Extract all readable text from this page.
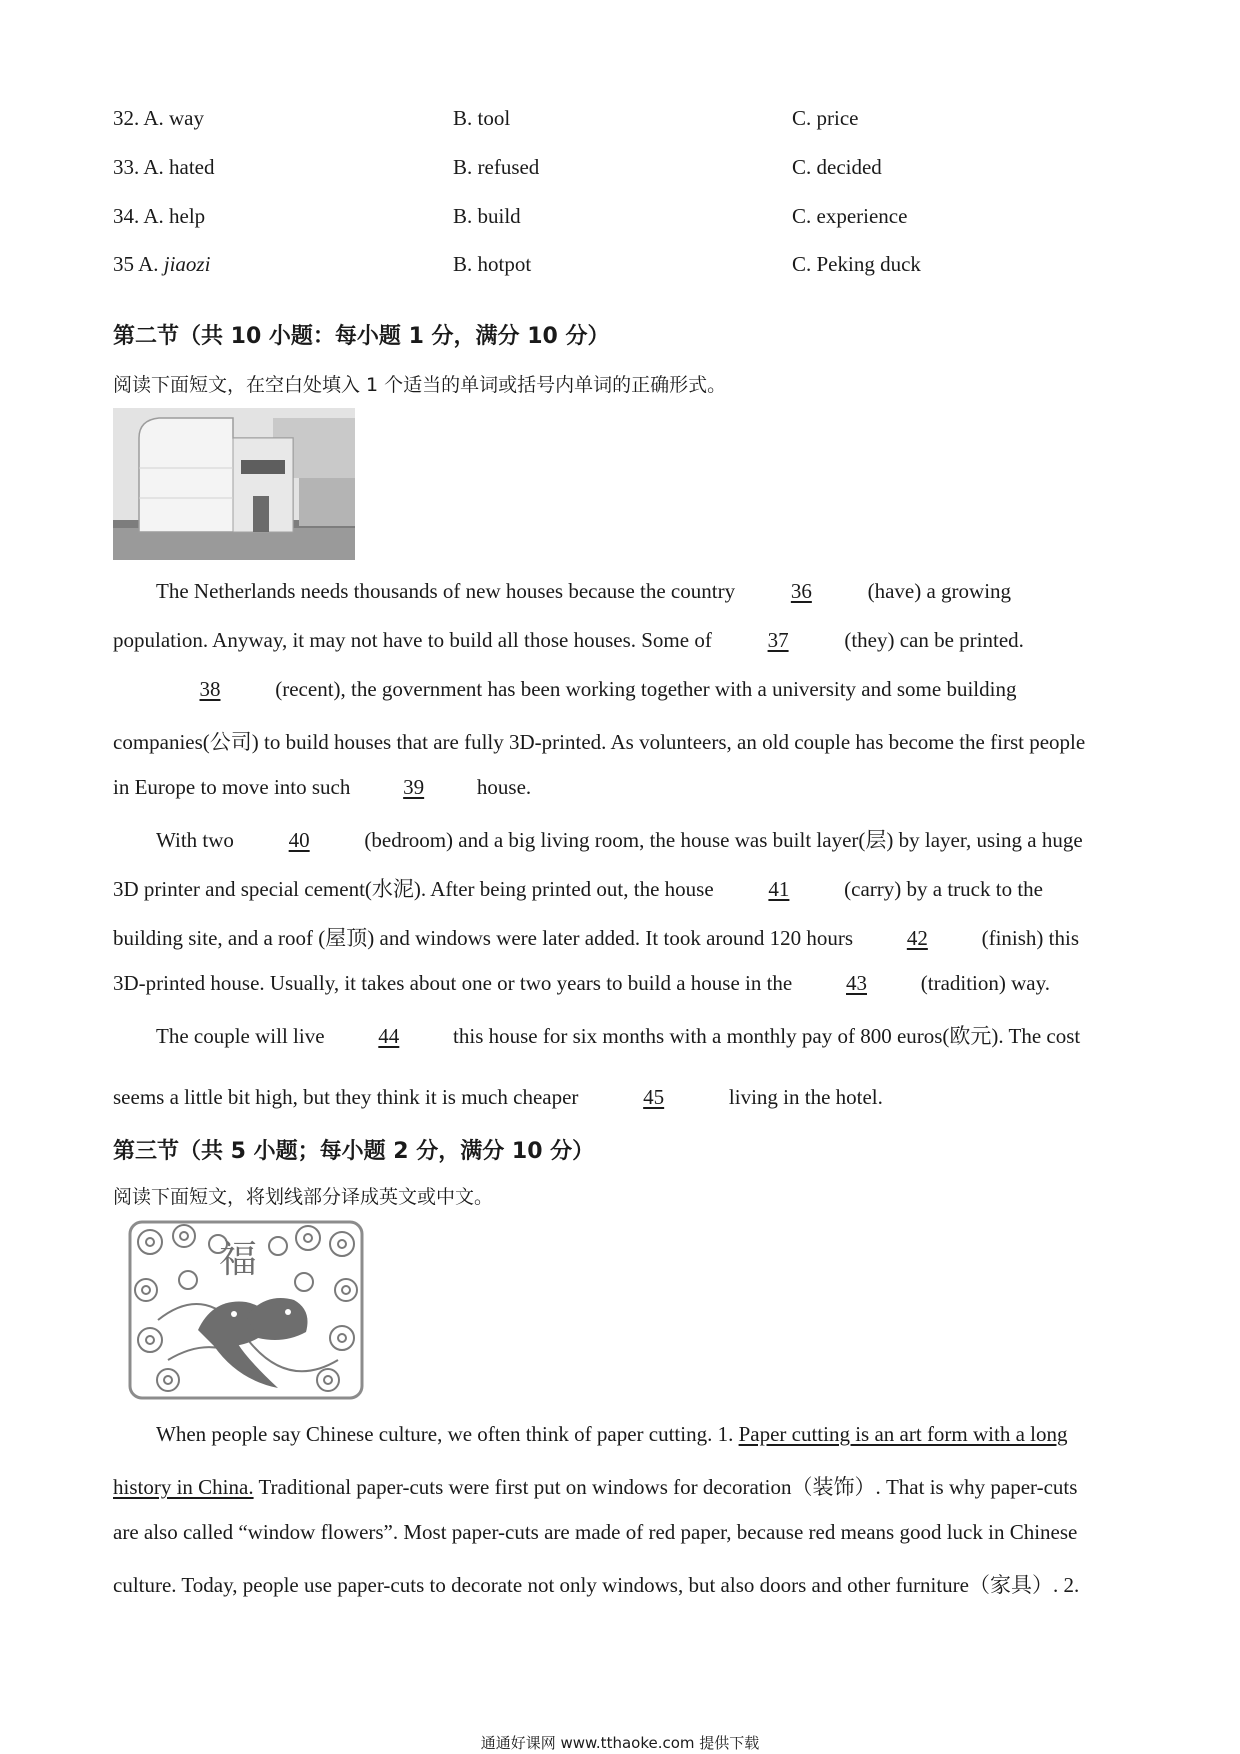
32. A. way	B. tool	C. price
33. A. hated	B. refused	C. decided
34. A. help	B. build	C. experience
35 A. jiaozi	B. hotpot	C. Peking duck
第二节（共 10 小题：每小题 1 分，满分 10 分）
阅读下面短文，在空白处填入 1 个适当的单词或括号内单词的正确形式。
The Netherlands needs thousands of new houses because the country	36	(have) a growing
population. Anyway, it may not have to build all those houses. Some of	37	(they) can be printed.
38	(recent), the government has been working together with a university and some building
companies(公司) to build houses that are fully 3D-printed. As volunteers, an old couple has become the first people
in Europe to move into such	39	house.
With two	40	(bedroom) and a big living room, the house was built layer(层) by layer, using a huge
3D printer and special cement(水泥). After being printed out, the house	41	(carry) by a truck to the
building site, and a roof (屋顶) and windows were later added. It took around 120 hours	42	(finish) this
3D-printed house. Usually, it takes about one or two years to build a house in the	43	(tradition) way.
The couple will live	44	this house for six months with a monthly pay of 800 euros(欧元). The cost
seems a little bit high, but they think it is much cheaper	45	living in the hotel.
第三节（共 5 小题；每小题 2 分，满分 10 分）
阅读下面短文，将划线部分译成英文或中文。
福
When people say Chinese culture, we often think of paper cutting. 1. Paper cutting is an art form with a long
history in China. Traditional paper-cuts were first put on windows for decoration（装饰）. That is why paper-cuts
are also called “window flowers”. Most paper-cuts are made of red paper, because red means good luck in Chinese
culture. Today, people use paper-cuts to decorate not only windows, but also doors and other furniture（家具）. 2.
通通好课网 www.tthaoke.com 提供下载
